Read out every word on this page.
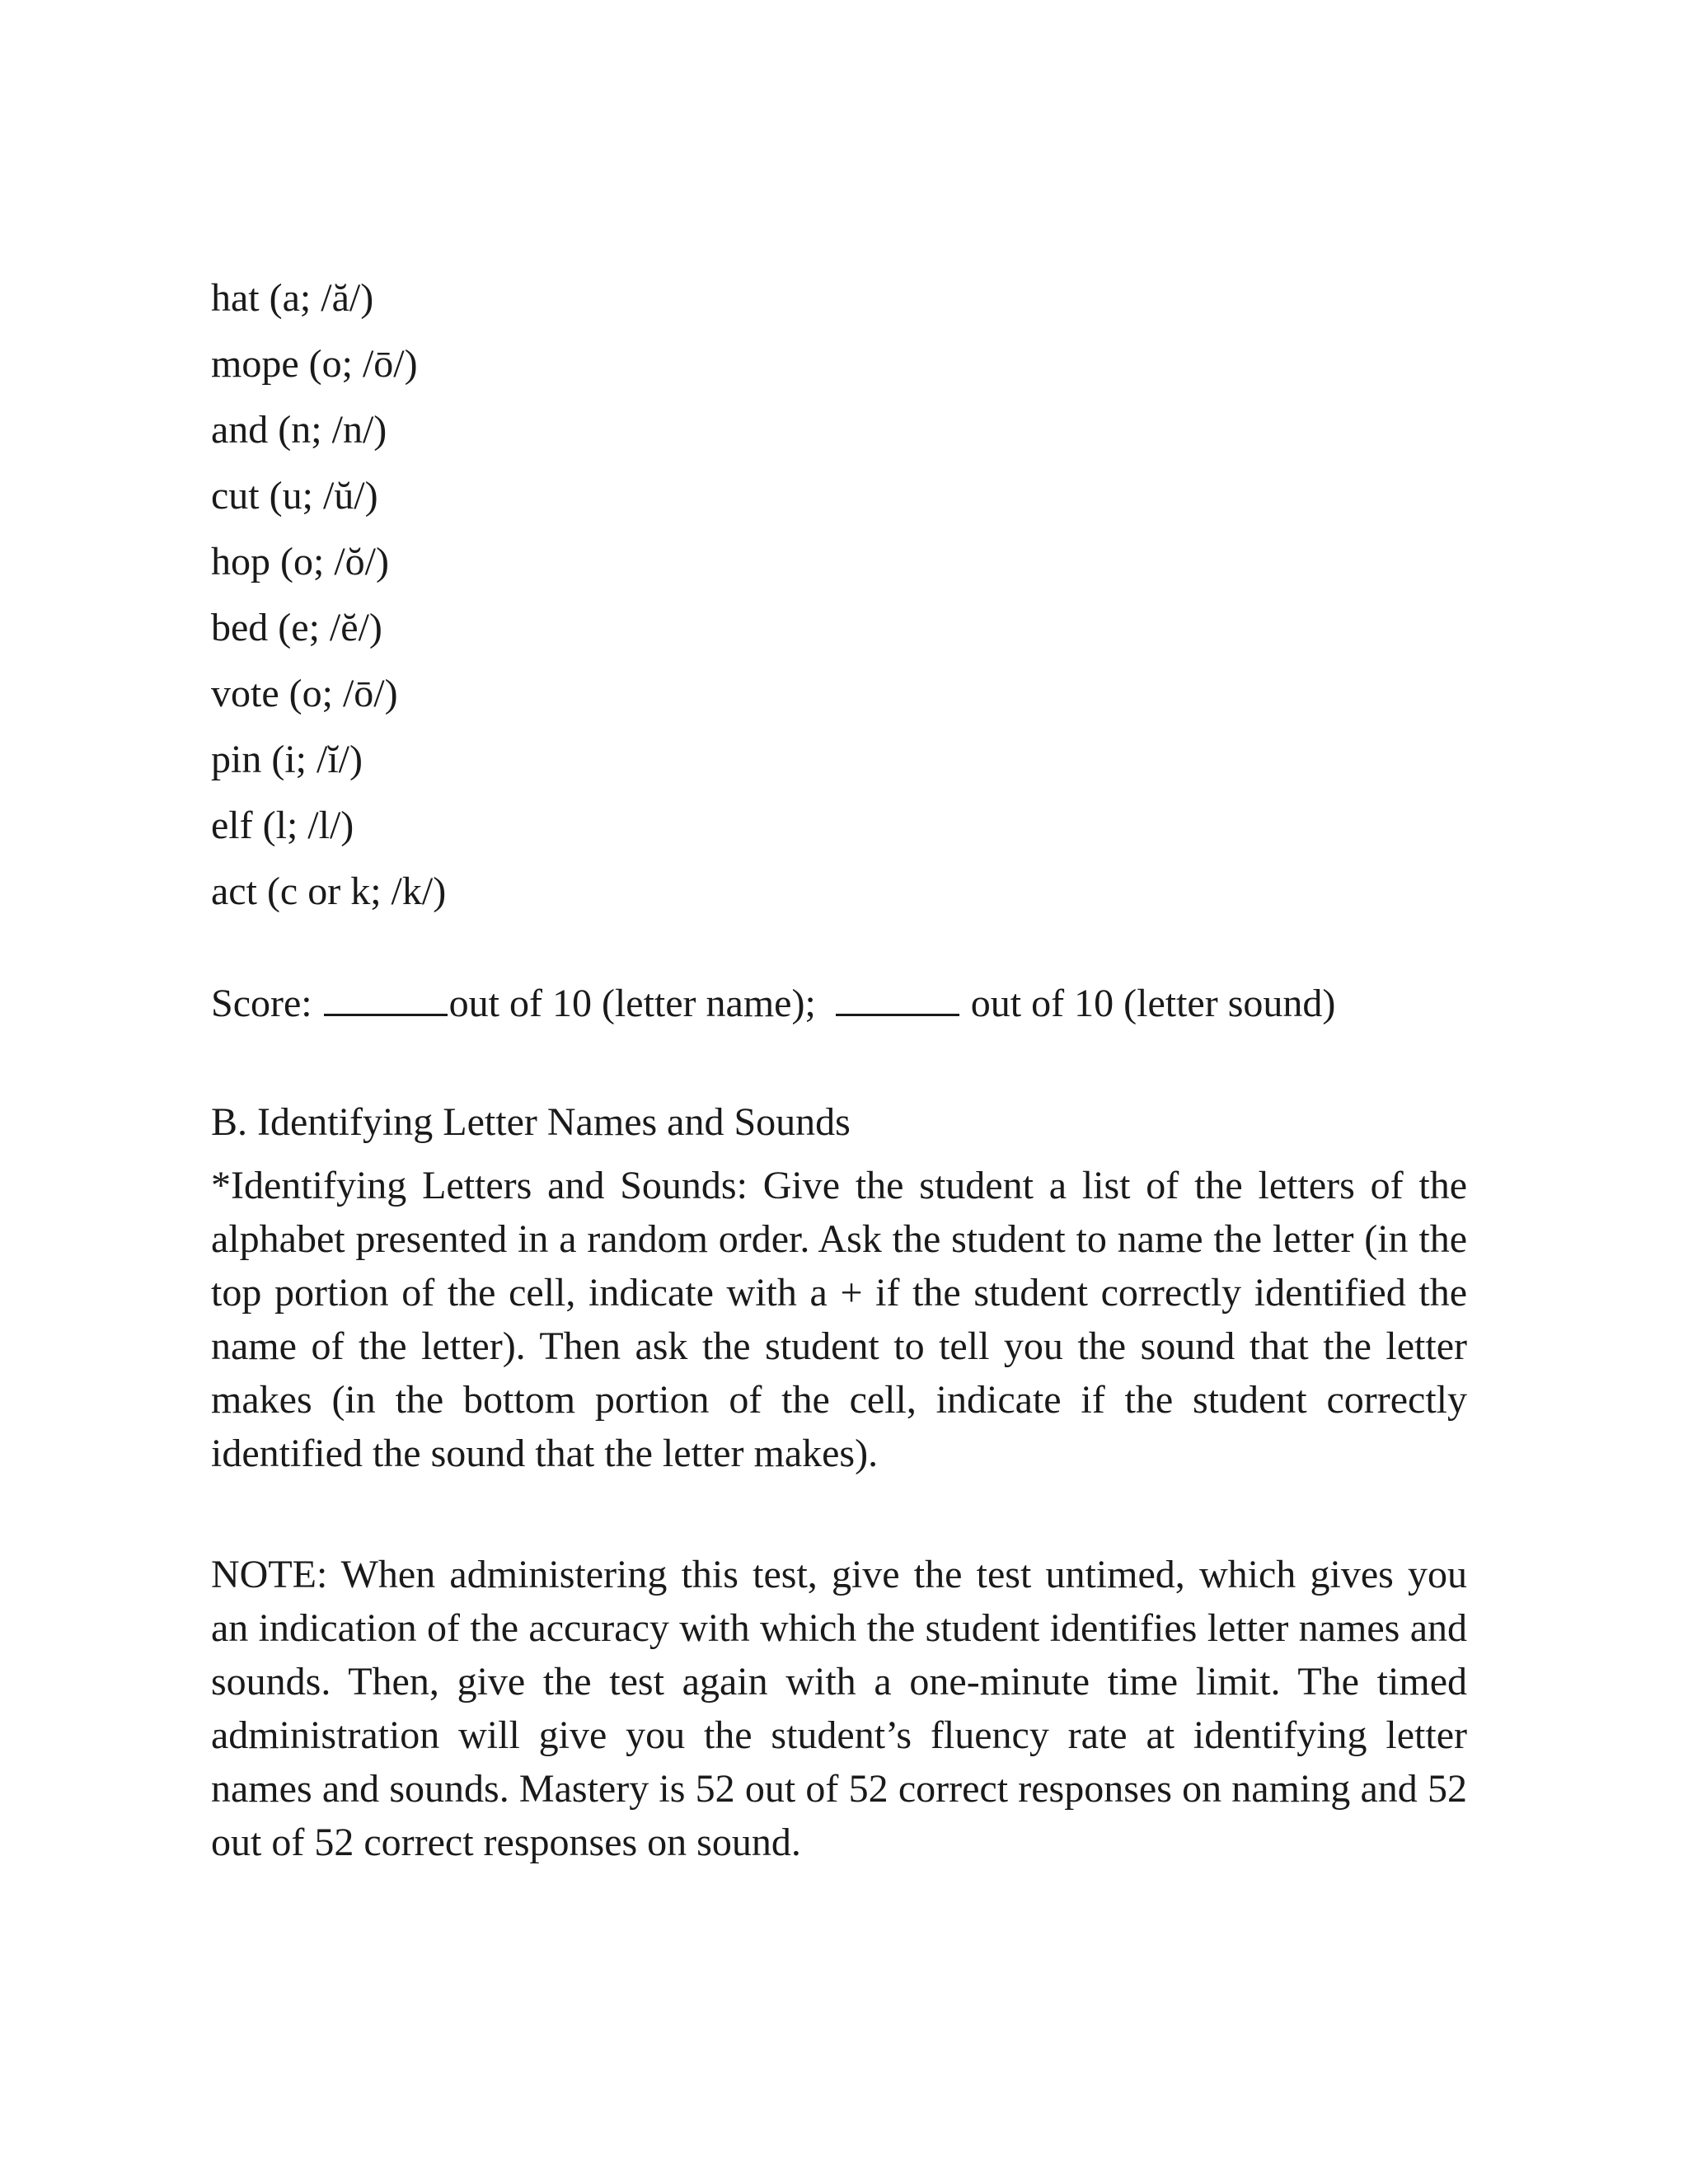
hat (a; /ă/)
mope (o; /ō/)
and (n; /n/)
cut (u; /ŭ/)
hop (o; /ŏ/)
bed (e; /ĕ/)
vote (o; /ō/)
pin (i; /ĭ/)
elf (l; /l/)
act (c or k; /k/)
Score:	out of 10 (letter name);	out of 10 (letter sound)
B. Identifying Letter Names and Sounds

*Identifying Letters and Sounds: Give the student a list of the letters of the alphabet presented in a random order. Ask the student to name the letter (in the top portion of the cell, indicate with a + if the student correctly identified the name of the letter). Then ask the student to tell you the sound that the letter makes (in the bottom portion of the cell, indicate if the student correctly identified the sound that the letter makes).

NOTE: When administering this test, give the test untimed, which gives you an indication of the accuracy with which the student identifies letter names and sounds. Then, give the test again with a one-minute time limit. The timed administration will give you the student’s fluency rate at identifying letter names and sounds. Mastery is 52 out of 52 correct responses on naming and 52 out of 52 correct responses on sound.
